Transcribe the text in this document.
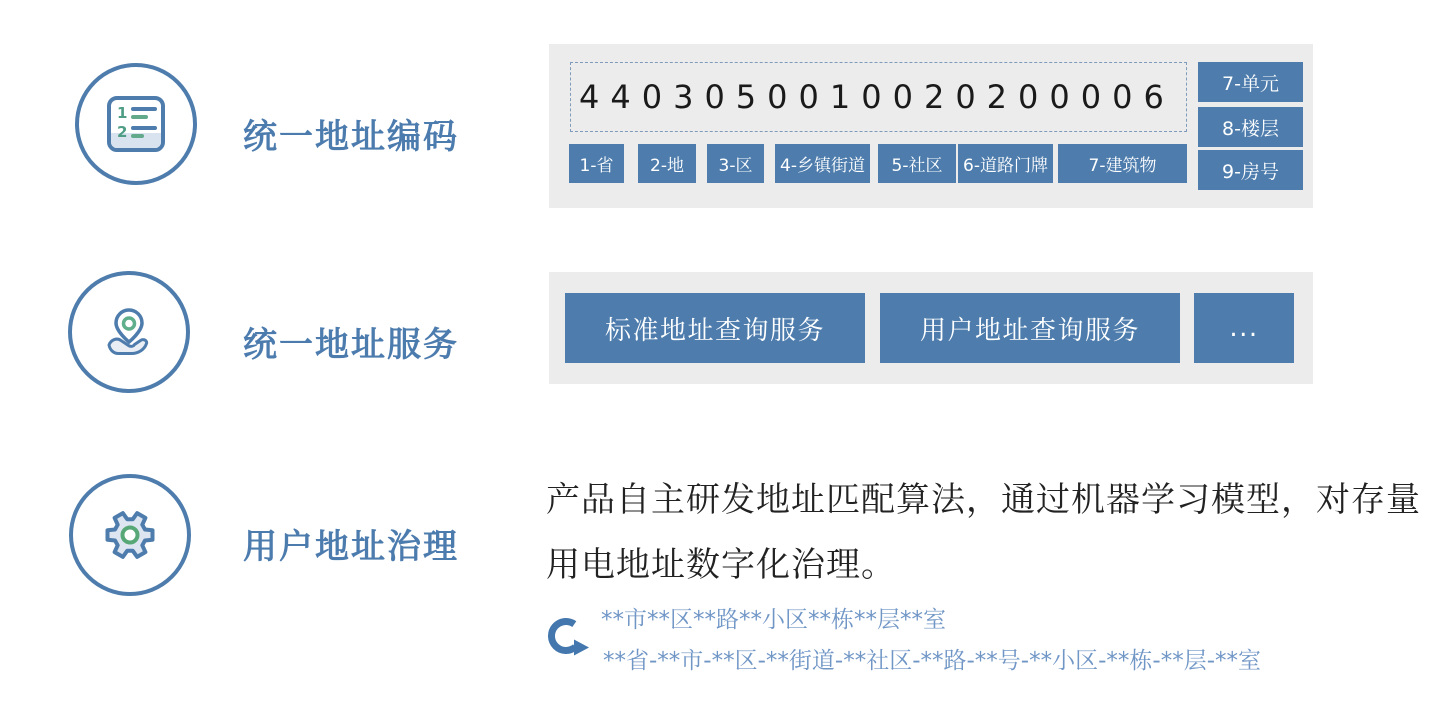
1
2	统一地址编码
4403050010020200006
1-省	2-地	3-区	4-乡镇街道	5-社区	6-道路门牌	7-建筑物
7-单元
8-楼层
9-房号
统一地址服务	标准地址查询服务	用户地址查询服务	...
用户地址治理
产品自主研发地址匹配算法，通过机器学习模型，对存量
用电地址数字化治理。
**市**区**路**小区**栋**层**室
**省-**市-**区-**街道-**社区-**路-**号-**小区-**栋-**层-**室
